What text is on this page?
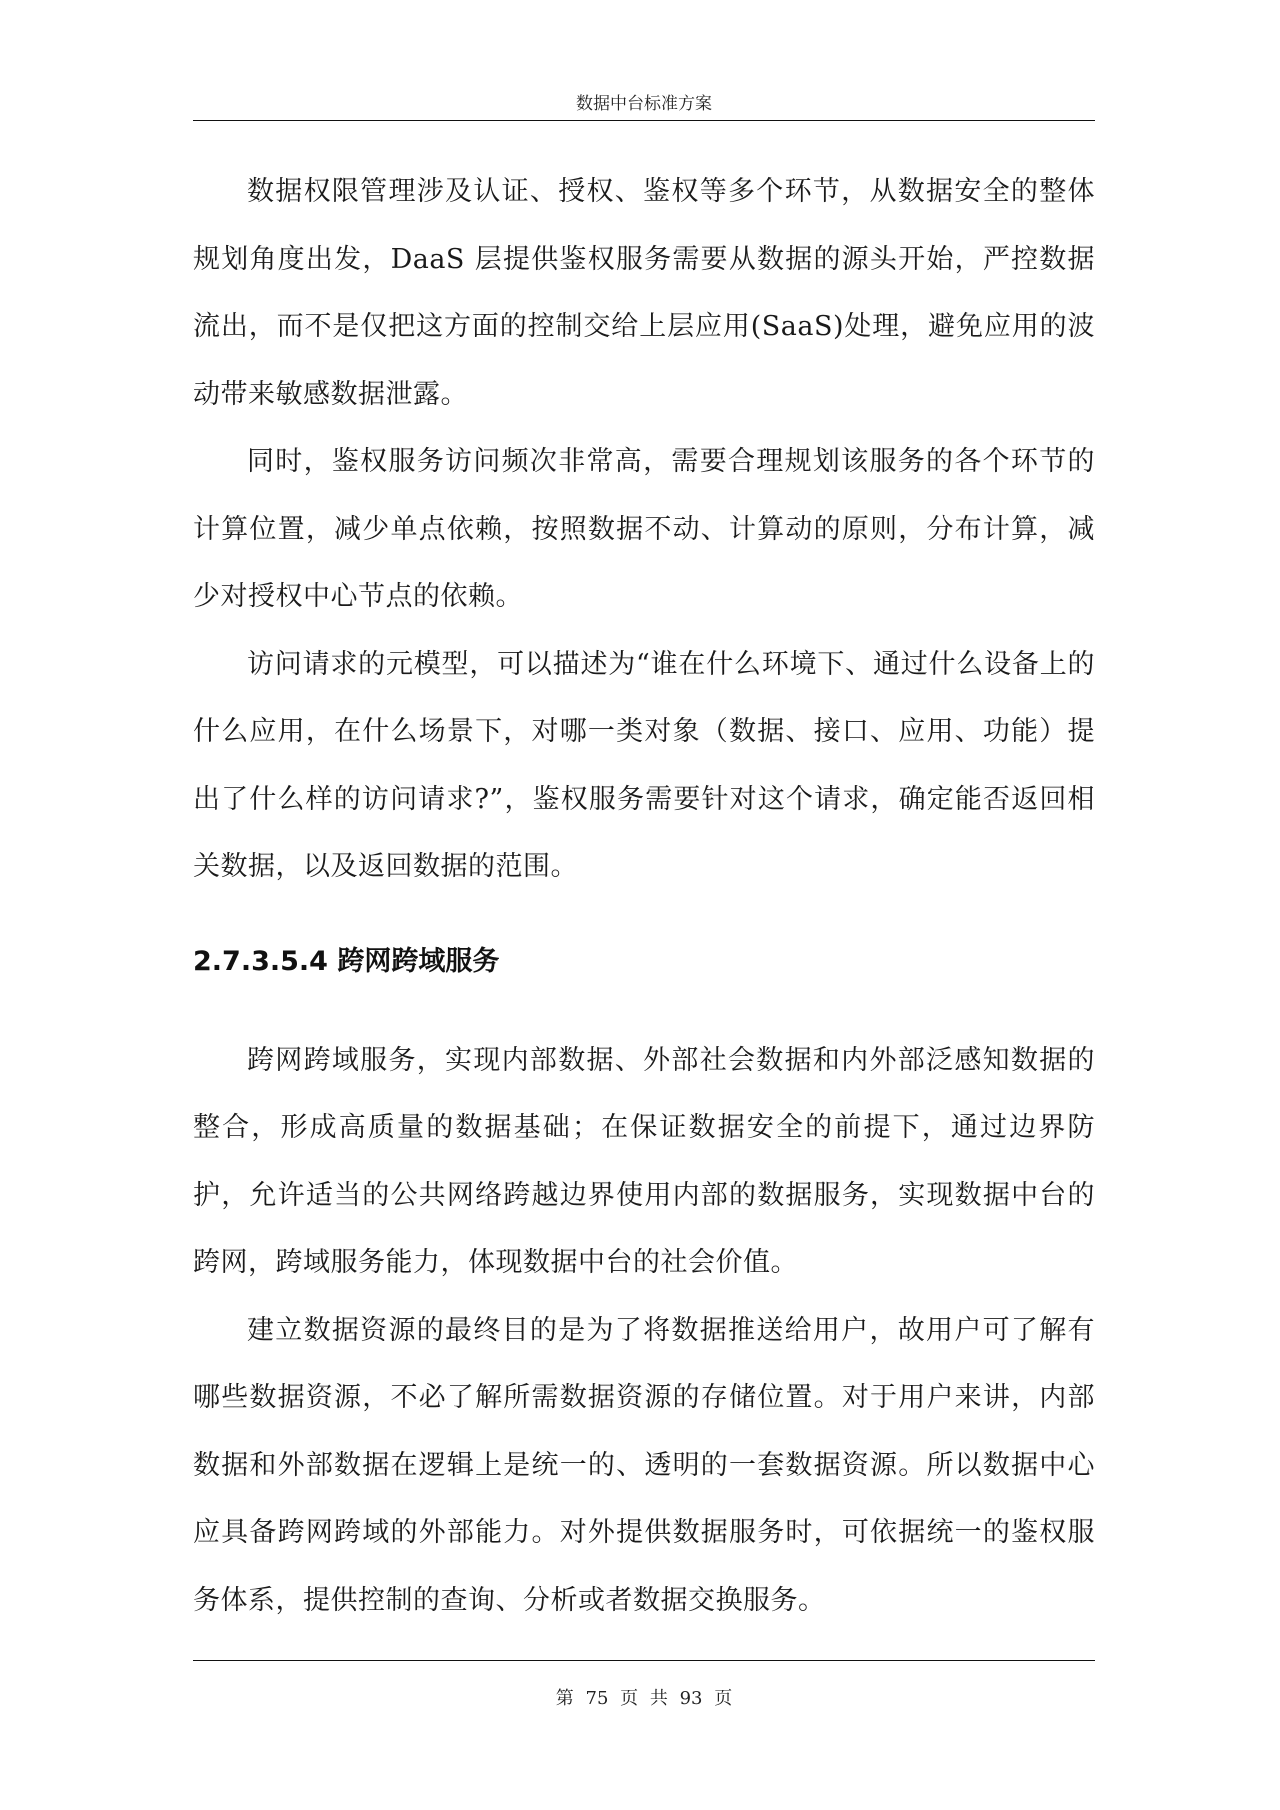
数据中台标准方案

数据权限管理涉及认证、授权、鉴权等多个环节，从数据安全的整体规划角度出发，DaaS 层提供鉴权服务需要从数据的源头开始，严控数据流出，而不是仅把这方面的控制交给上层应用(SaaS)处理，避免应用的波动带来敏感数据泄露。

同时，鉴权服务访问频次非常高，需要合理规划该服务的各个环节的计算位置，减少单点依赖，按照数据不动、计算动的原则，分布计算，减少对授权中心节点的依赖。

访问请求的元模型，可以描述为“谁在什么环境下、通过什么设备上的什么应用，在什么场景下，对哪一类对象（数据、接口、应用、功能）提出了什么样的访问请求?”，鉴权服务需要针对这个请求，确定能否返回相关数据，以及返回数据的范围。

2.7.3.5.4 跨网跨域服务

跨网跨域服务，实现内部数据、外部社会数据和内外部泛感知数据的整合，形成高质量的数据基础；在保证数据安全的前提下，通过边界防护，允许适当的公共网络跨越边界使用内部的数据服务，实现数据中台的跨网，跨域服务能力，体现数据中台的社会价值。

建立数据资源的最终目的是为了将数据推送给用户，故用户可了解有哪些数据资源，不必了解所需数据资源的存储位置。对于用户来讲，内部数据和外部数据在逻辑上是统一的、透明的一套数据资源。所以数据中心应具备跨网跨域的外部能力。对外提供数据服务时，可依据统一的鉴权服务体系，提供控制的查询、分析或者数据交换服务。

第 75 页 共 93 页
